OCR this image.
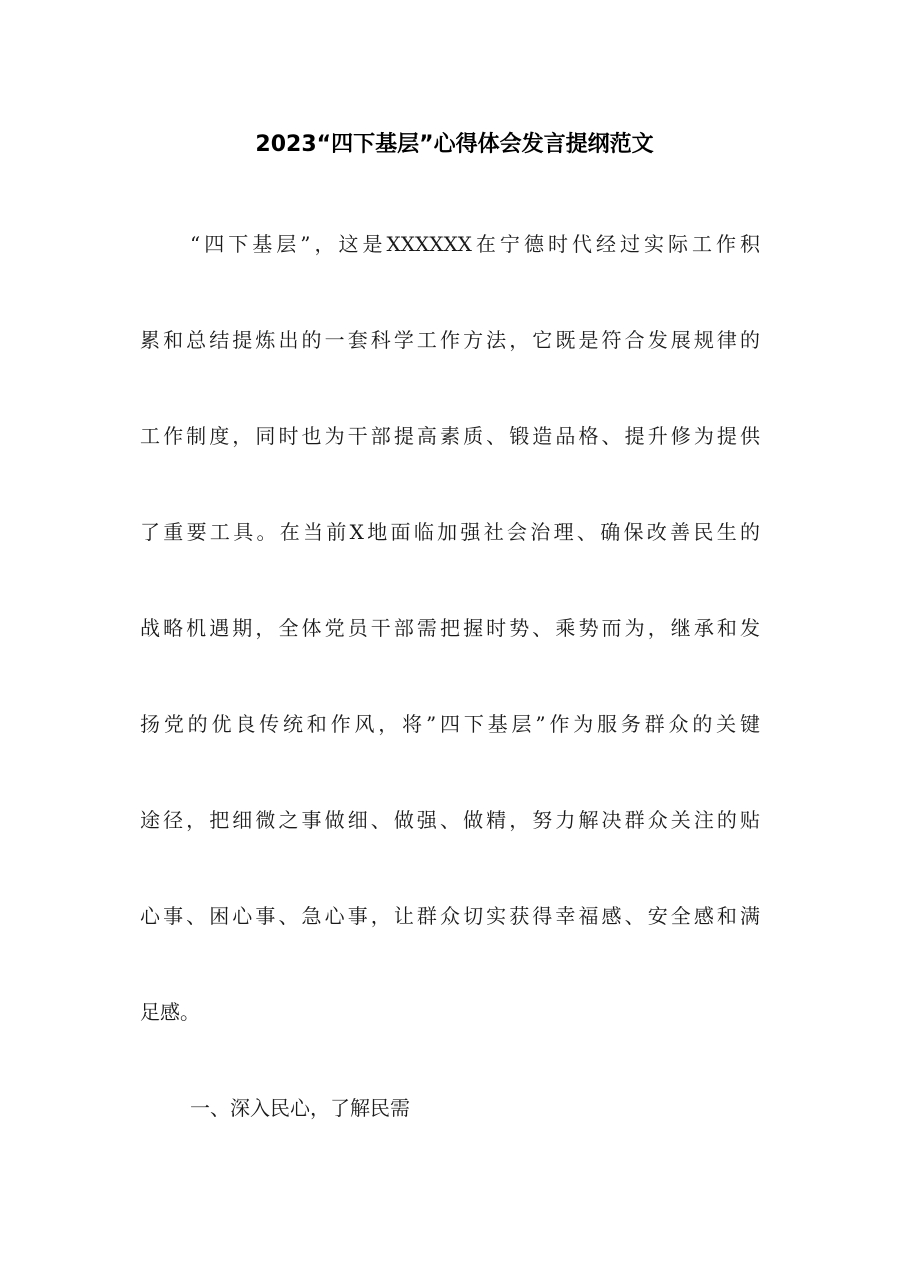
2023“四下基层”心得体会发言提纲范文
“四下基层”，这是XXXXXX在宁德时代经过实际工作积
累和总结提炼出的一套科学工作方法，它既是符合发展规律的
工作制度，同时也为干部提高素质、锻造品格、提升修为提供
了重要工具。在当前X地面临加强社会治理、确保改善民生的
战略机遇期，全体党员干部需把握时势、乘势而为，继承和发
扬党的优良传统和作风，将”四下基层”作为服务群众的关键
途径，把细微之事做细、做强、做精，努力解决群众关注的贴
心事、困心事、急心事，让群众切实获得幸福感、安全感和满
足感。
一、深入民心，了解民需
